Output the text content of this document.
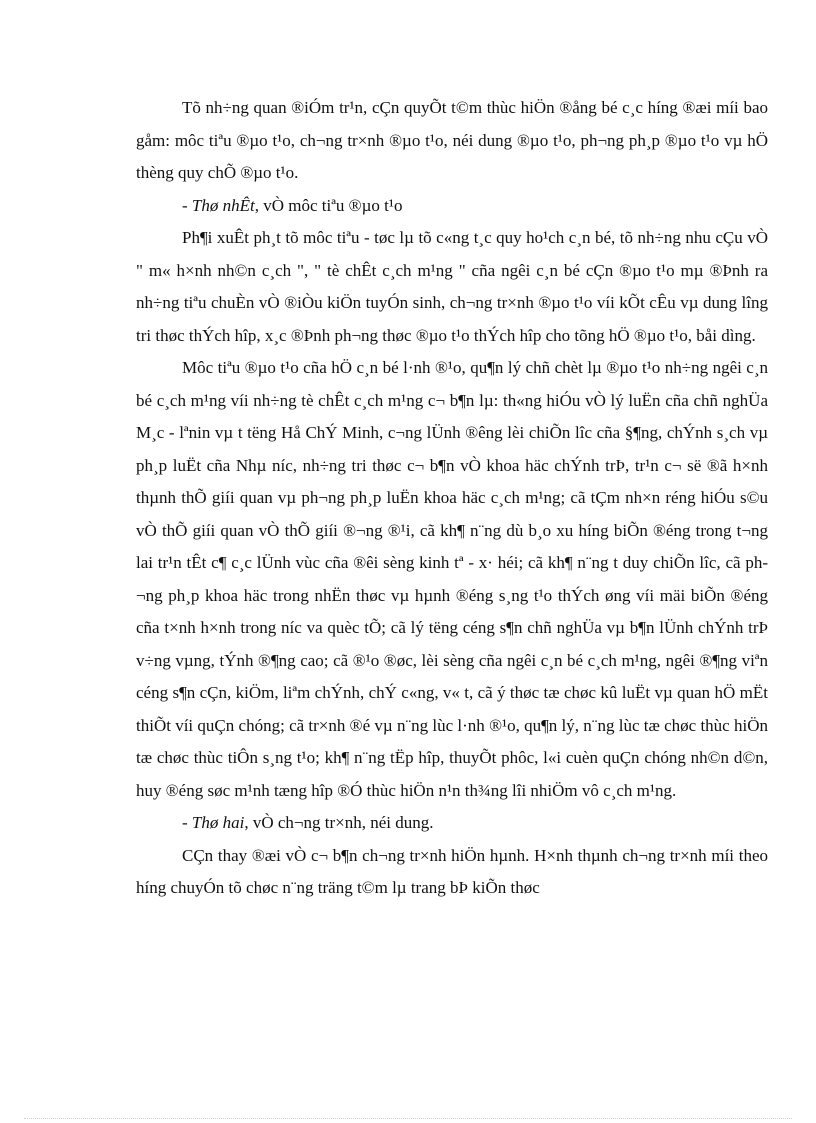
Tõ nh÷ng quan ®iÓm tr¹n, cÇn quyÕt t©m thùc hiÖn ®ång bé c¸c híng ®æi míi bao gåm: môc tiªu ®µo t¹o, ch¬ng tr×nh ®µo t¹o, néi dung ®µo t¹o, ph¬ng ph¸p ®µo t¹o vµ hÖ thèng quy chÕ ®µo t¹o.

- Thø nhÊt, vÒ môc tiªu ®µo t¹o

Ph¶i xuÊt ph¸t tõ môc tiªu - tøc lµ tõ c«ng t¸c quy ho¹ch c¸n bé, tõ nh÷ng nhu cÇu vÒ " m« h×nh nh©n c¸ch ", " tè chÊt c¸ch m¹ng " cña ngêi c¸n bé cÇn ®µo t¹o mµ ®Þnh ra nh÷ng tiªu chuÈn vÒ ®iÒu kiÖn tuyÓn sinh, ch¬ng tr×nh ®µo t¹o víi kÕt cÊu vµ dung lîng tri thøc thÝch hîp, x¸c ®Þnh ph¬ng thøc ®µo t¹o thÝch hîp cho tõng hÖ ®µo t¹o, båi dìng.

Môc tiªu ®µo t¹o cña hÖ c¸n bé l·nh ®¹o, qu¶n lý chñ chèt lµ ®µo t¹o nh÷ng ngêi c¸n bé c¸ch m¹ng víi nh÷ng tè chÊt c¸ch m¹ng c¬ b¶n lµ: th«ng hiÓu vÒ lý luËn cña chñ nghÜa M¸c - lªnin vµ t tëng Hå ChÝ Minh, c¬ng lÜnh ®êng lèi chiÕn lîc cña §¶ng, chÝnh s¸ch vµ ph¸p luËt cña Nhµ níc, nh÷ng tri thøc c¬ b¶n vÒ khoa häc chÝnh trÞ, tr¹n c¬ së ®ã h×nh thµnh thÕ giíi quan vµ ph¬ng ph¸p luËn khoa häc c¸ch m¹ng; cã tÇm nh×n réng hiÓu s©u vÒ thÕ giíi quan vÒ thÕ giíi ®¬ng ®¹i, cã kh¶ n¨ng dù b¸o xu híng biÕn ®éng trong t¬ng lai tr¹n tÊt c¶ c¸c lÜnh vùc cña ®êi sèng kinh tª - x· héi; cã kh¶ n¨ng t duy chiÕn lîc, cã ph¬ng ph¸p khoa häc trong nhËn thøc vµ hµnh ®éng s¸ng t¹o thÝch øng víi mäi biÕn ®éng cña t×nh h×nh trong níc va quèc tÕ; cã lý tëng céng s¶n chñ nghÜa vµ b¶n lÜnh chÝnh trÞ v÷ng vµng, tÝnh ®¶ng cao; cã ®¹o ®øc, lèi sèng cña ngêi c¸n bé c¸ch m¹ng, ngêi ®¶ng viªn céng s¶n cÇn, kiÖm, liªm chÝnh, chÝ c«ng, v« t, cã ý thøc tæ chøc kû luËt vµ quan hÖ mËt thiÕt víi quÇn chóng; cã tr×nh ®é vµ n¨ng lùc l·nh ®¹o, qu¶n lý, n¨ng lùc tæ chøc thùc hiÖn tæ chøc thùc tiÔn s¸ng t¹o; kh¶ n¨ng tËp hîp, thuyÕt phôc, l«i cuèn quÇn chóng nh©n d©n, huy ®éng søc m¹nh tæng hîp ®Ó thùc hiÖn n¹n th¾ng lîi nhiÖm vô c¸ch m¹ng.

- Thø hai, vÒ ch¬ng tr×nh, néi dung.

CÇn thay ®æi vÒ c¬ b¶n ch¬ng tr×nh hiÖn hµnh. H×nh thµnh ch¬ng tr×nh míi theo híng chuyÓn tõ chøc n¨ng träng t©m lµ trang bÞ kiÕn thøc
